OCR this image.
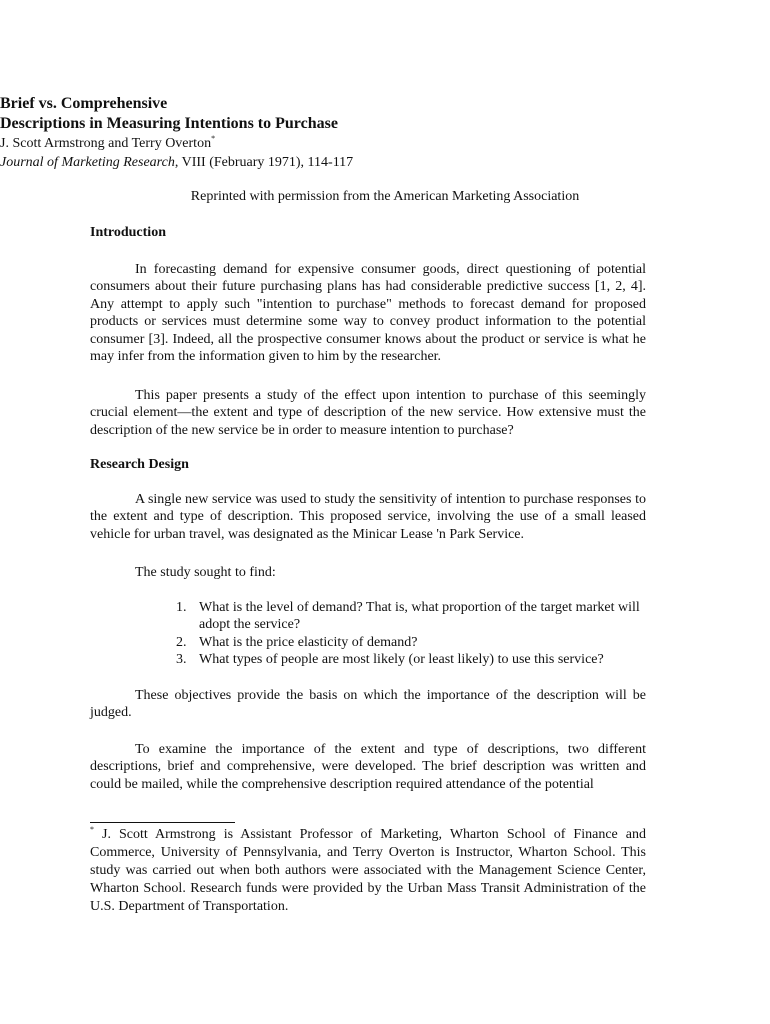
Brief vs. Comprehensive

Descriptions in Measuring Intentions to Purchase

J. Scott Armstrong and Terry Overton*

Journal of Marketing Research, VIII (February 1971), 114-117

Reprinted with permission from the American Marketing Association
Introduction

In forecasting demand for expensive consumer goods, direct questioning of potential consumers about their future purchasing plans has had considerable predictive success [1, 2, 4]. Any attempt to apply such "intention to purchase" methods to forecast demand for proposed products or services must determine some way to convey product information to the potential consumer [3]. Indeed, all the prospective consumer knows about the product or service is what he may infer from the information given to him by the researcher.

This paper presents a study of the effect upon intention to purchase of this seemingly crucial element—the extent and type of description of the new service. How extensive must the description of the new service be in order to measure intention to purchase?

Research Design

A single new service was used to study the sensitivity of intention to purchase responses to the extent and type of description. This proposed service, involving the use of a small leased vehicle for urban travel, was designated as the Minicar Lease 'n Park Service.

The study sought to find:

1. What is the level of demand? That is, what proportion of the target market will adopt the service?
2. What is the price elasticity of demand?
3. What types of people are most likely (or least likely) to use this service?

These objectives provide the basis on which the importance of the description will be judged.

To examine the importance of the extent and type of descriptions, two different descriptions, brief and comprehensive, were developed. The brief description was written and could be mailed, while the comprehensive description required attendance of the potential

* J. Scott Armstrong is Assistant Professor of Marketing, Wharton School of Finance and Commerce, University of Pennsylvania, and Terry Overton is Instructor, Wharton School. This study was carried out when both authors were associated with the Management Science Center, Wharton School. Research funds were provided by the Urban Mass Transit Administration of the U.S. Department of Transportation.
